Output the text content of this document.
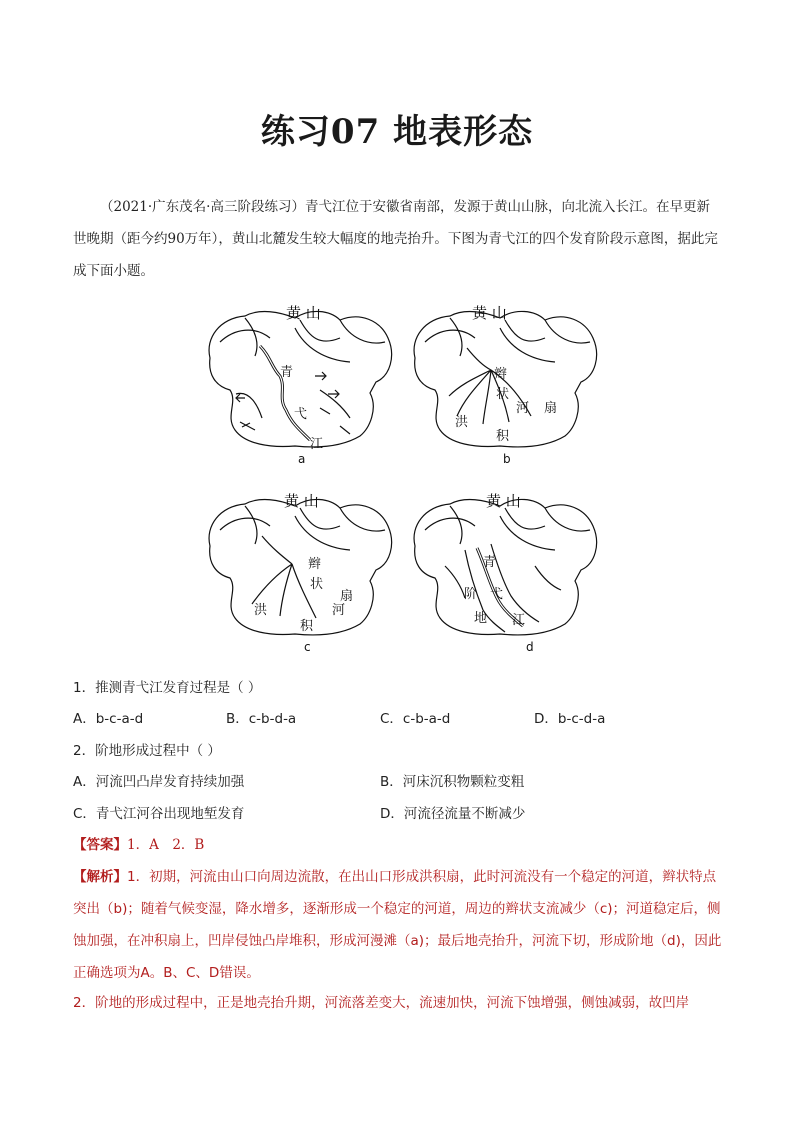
练习07 地表形态
（2021·广东茂名·高三阶段练习）青弋江位于安徽省南部，发源于黄山山脉，向北流入长江。在早更新世晚期（距今约90万年），黄山北麓发生较大幅度的地壳抬升。下图为青弋江的四个发育阶段示意图，据此完成下面小题。
黄 山
青
弋
江
a
黄 山
辫
状
河 扇
洪
积
b
黄 山
辫
状
扇
洪	河
积
c
黄 山
青
阶 弋
地 江
d
1．推测青弋江发育过程是（ ）
A．b-c-a-d	B．c-b-d-a	C．c-b-a-d	D．b-c-d-a
2．阶地形成过程中（ ）
A．河流凹凸岸发育持续加强	B．河床沉积物颗粒变粗
C．青弋江河谷出现地堑发育	D．河流径流量不断减少
【答案】1．A　2．B
【解析】1．初期，河流由山口向周边流散，在出山口形成洪积扇，此时河流没有一个稳定的河道，辫状特点突出（b)；随着气候变湿，降水增多，逐渐形成一个稳定的河道，周边的辫状支流减少（c)；河道稳定后，侧蚀加强，在冲积扇上，凹岸侵蚀凸岸堆积，形成河漫滩（a)；最后地壳抬升，河流下切，形成阶地（d)，因此正确选项为A。B、C、D错误。
2．阶地的形成过程中，正是地壳抬升期，河流落差变大，流速加快，河流下蚀增强，侧蚀减弱，故凹岸
